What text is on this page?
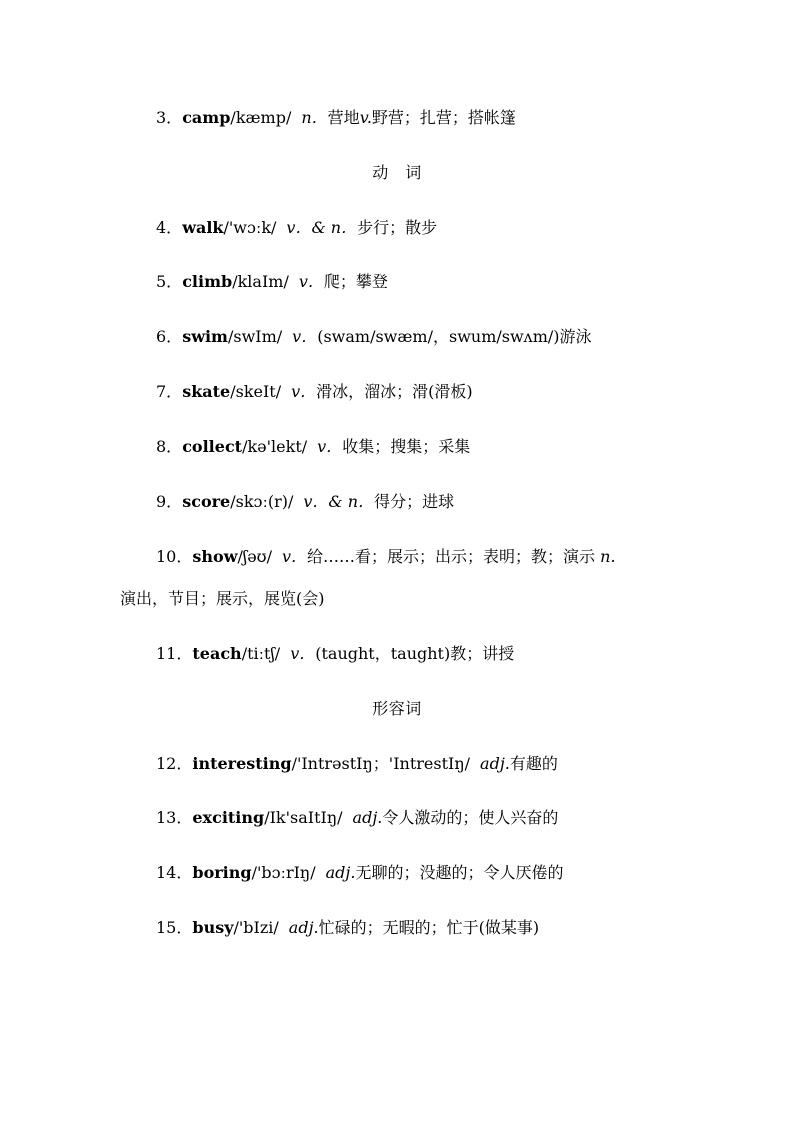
3．camp/kæmp/ n．营地v.野营；扎营；搭帐篷
动　词
4．walk/'wɔːk/ v．& n．步行；散步
5．climb/klaIm/ v．爬；攀登
6．swim/swIm/ v．(swam/swæm/，swum/swʌm/)游泳
7．skate/skeIt/ v．滑冰，溜冰；滑(滑板)
8．collect/kə'lekt/ v．收集；搜集；采集
9．score/skɔː(r)/ v．& n．得分；进球
10．show/ʃəʊ/ v．给……看；展示；出示；表明；教；演示 n.
演出，节目；展示，展览(会)
11．teach/tiːtʃ/ v．(taught，taught)教；讲授
形容词
12．interesting/'IntrəstIŋ；'IntrestIŋ/ adj.有趣的
13．exciting/Ik'saItIŋ/ adj.令人激动的；使人兴奋的
14．boring/'bɔːrIŋ/ adj.无聊的；没趣的；令人厌倦的
15．busy/'bIzi/ adj.忙碌的；无暇的；忙于(做某事)
